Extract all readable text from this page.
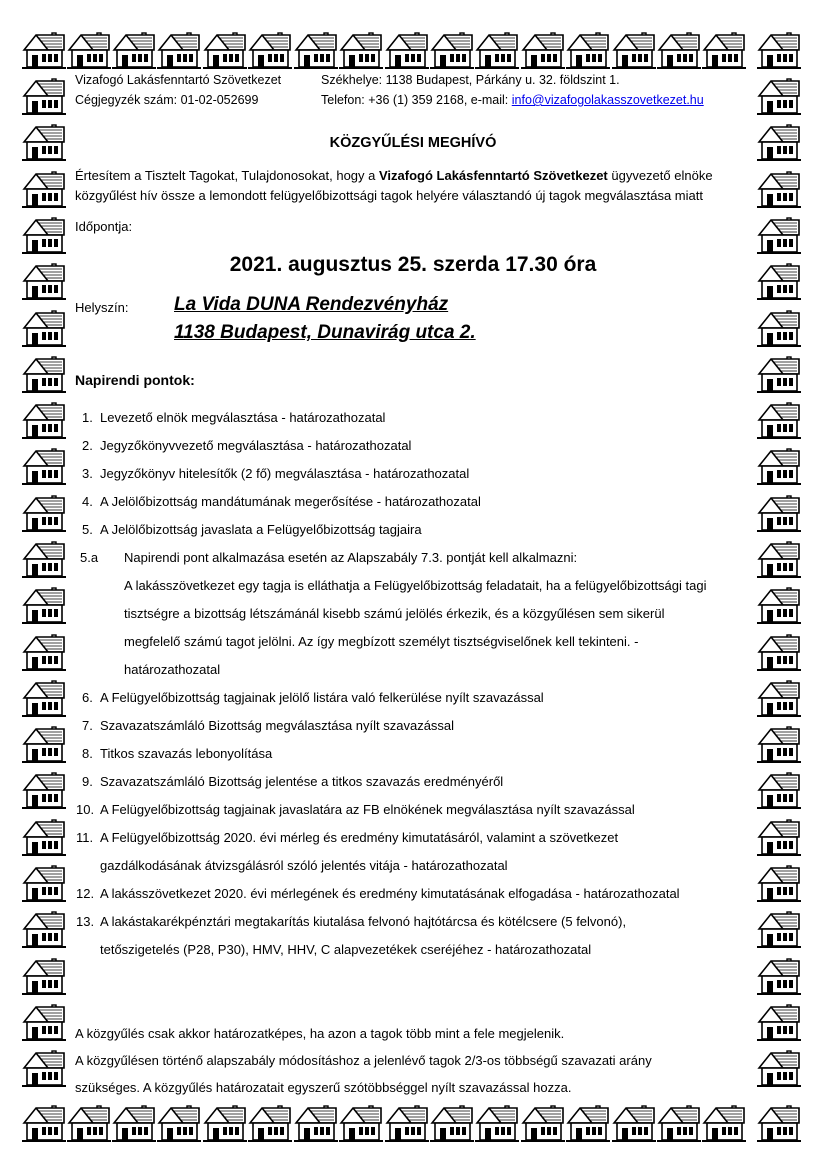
Vizafogó Lakásfenntartó Szövetkezet
Cégjegyzék szám: 01-02-052699
Székhelye: 1138 Budapest, Párkány u. 32. földszint 1.
Telefon: +36 (1) 359 2168, e-mail: info@vizafogolakasszovetkezet.hu
KÖZGYŰLÉSI MEGHÍVÓ
Értesítem a Tisztelt Tagokat, Tulajdonosokat, hogy a Vizafogó Lakásfenntartó Szövetkezet ügyvezető elnöke
közgyűlést hív össze a lemondott felügyelőbizottsági tagok helyére választandó új tagok megválasztása miatt
Időpontja:
2021. augusztus 25. szerda 17.30 óra
Helyszín: La Vida DUNA Rendezvényház
1138 Budapest, Dunavirág utca 2.
Napirendi pontok:
1. Levezető elnök megválasztása - határozathozatal
2. Jegyzőkönyvvezető megválasztása - határozathozatal
3. Jegyzőkönyv hitelesítők (2 fő) megválasztása - határozathozatal
4. A Jelölőbizottság mandátumának megerősítése - határozathozatal
5. A Jelölőbizottság javaslata a Felügyelőbizottság tagjaira
5.a Napirendi pont alkalmazása esetén az Alapszabály 7.3. pontját kell alkalmazni:
A lakásszövetkezet egy tagja is elláthatja a Felügyelőbizottság feladatait, ha a felügyelőbizottsági tagi
tisztségre a bizottság létszámánál kisebb számú jelölés érkezik, és a közgyűlésen sem sikerül
megfelelő számú tagot jelölni. Az így megbízott személyt tisztségviselőnek kell tekinteni. -
határozathozatal
6. A Felügyelőbizottság tagjainak jelölő listára való felkerülése nyílt szavazással
7. Szavazatszámláló Bizottság megválasztása nyílt szavazással
8. Titkos szavazás lebonyolítása
9. Szavazatszámláló Bizottság jelentése a titkos szavazás eredményéről
10. A Felügyelőbizottság tagjainak javaslatára az FB elnökének megválasztása nyílt szavazással
11. A Felügyelőbizottság 2020. évi mérleg és eredmény kimutatásáról, valamint a szövetkezet
gazdálkodásának átvizsgálásról szóló jelentés vitája - határozathozatal
12. A lakásszövetkezet 2020. évi mérlegének és eredmény kimutatásának elfogadása - határozathozatal
13. A lakástakarékpénztári megtakarítás kiutalása felvonó hajtótárcsa és kötélcsere (5 felvonó),
tetőszigetelés (P28, P30), HMV, HHV, C alapvezetékek cseréjéhez - határozathozatal
A közgyűlés csak akkor határozatképes, ha azon a tagok több mint a fele megjelenik.
A közgyűlésen történő alapszabály módosításhoz a jelenlévő tagok 2/3-os többségű szavazati arány
szükséges. A közgyűlés határozatait egyszerű szótöbbséggel nyílt szavazással hozza.
